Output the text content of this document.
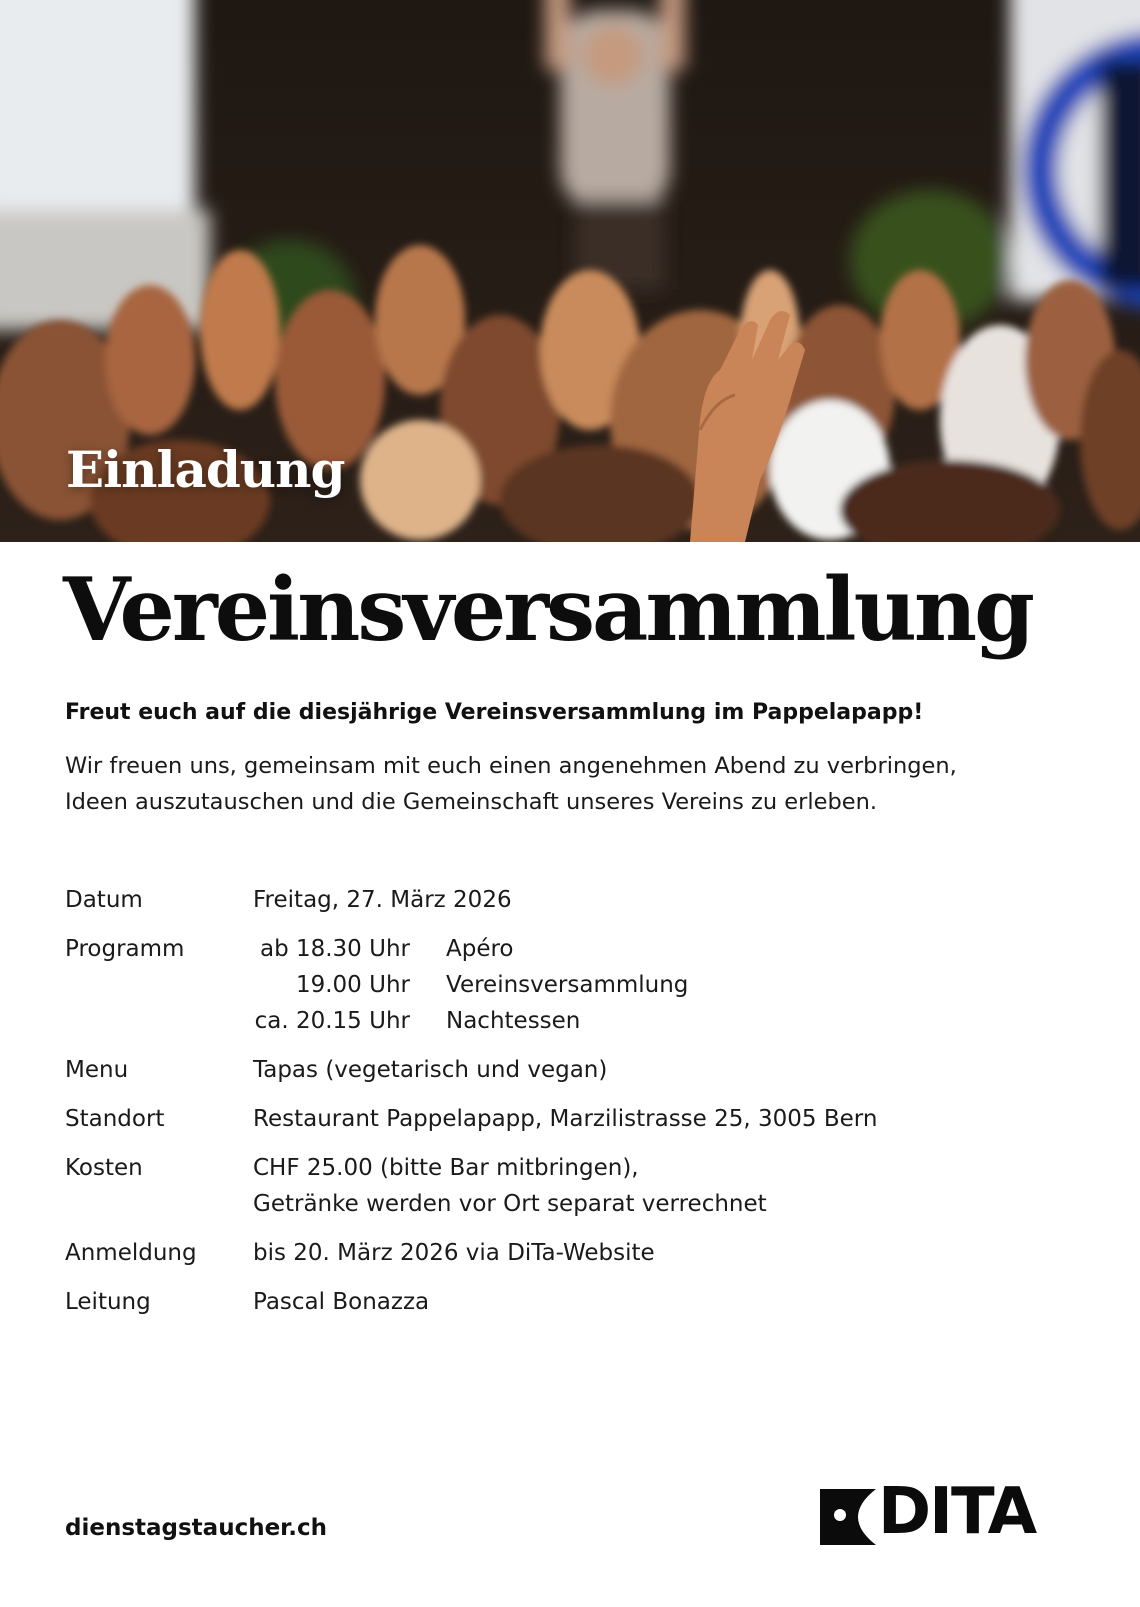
Einladung
Vereinsversammlung
Freut euch auf die diesjährige Vereinsversammlung im Pappelapapp!
Wir freuen uns, gemeinsam mit euch einen angenehmen Abend zu verbringen,
Ideen auszutauschen und die Gemeinschaft unseres Vereins zu erleben.
Datum	Freitag, 27. März 2026
Programm	ab 18.30 Uhr Apéro
19.00 Uhr Vereinsversammlung
ca. 20.15 Uhr Nachtessen
Menu	Tapas (vegetarisch und vegan)
Standort	Restaurant Pappelapapp, Marzilistrasse 25, 3005 Bern
Kosten	CHF 25.00 (bitte Bar mitbringen),
Getränke werden vor Ort separat verrechnet
Anmeldung	bis 20. März 2026 via DiTa-Website
Leitung	Pascal Bonazza
dienstagstaucher.ch	DITA
